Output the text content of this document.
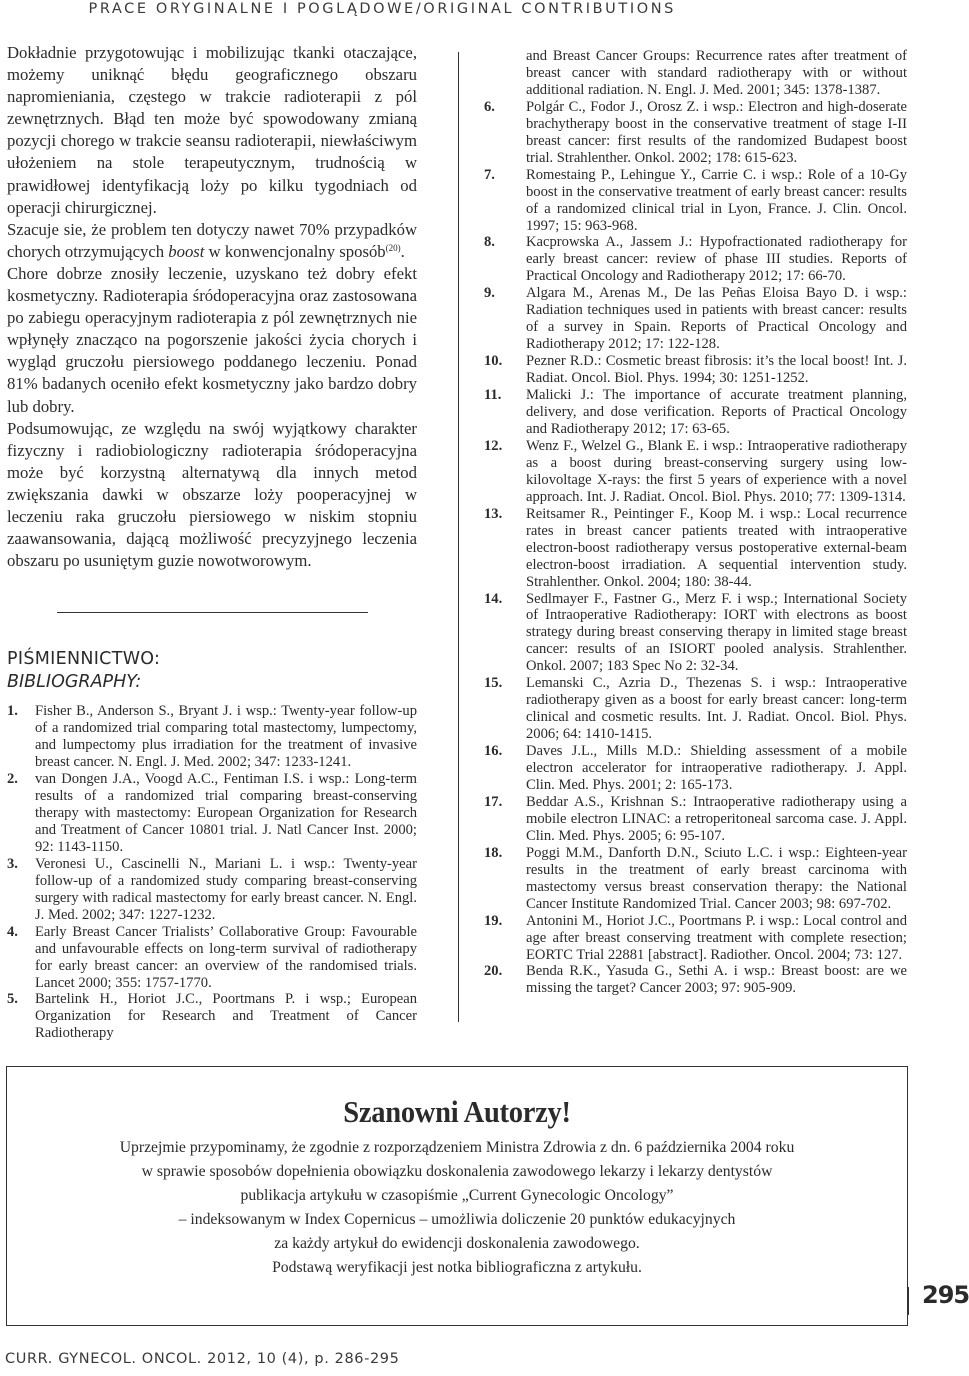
PRACE ORYGINALNE I POGLĄDOWE/ORIGINAL CONTRIBUTIONS

Dokładnie przygotowując i mobilizując tkanki otaczające, możemy uniknąć błędu geograficznego obszaru napromieniania, częstego w trakcie radioterapii z pól zewnętrznych. Błąd ten może być spowodowany zmianą pozycji chorego w trakcie seansu radioterapii, niewłaściwym ułożeniem na stole terapeutycznym, trudnością w prawidłowej identyfikacją loży po kilku tygodniach od operacji chirurgicznej.

Szacuje sie, że problem ten dotyczy nawet 70% przypadków chorych otrzymujących boost w konwencjonalny sposób$^{(20)}$.

Chore dobrze znosiły leczenie, uzyskano też dobry efekt kosmetyczny. Radioterapia śródoperacyjna oraz zastosowana po zabiegu operacyjnym radioterapia z pól zewnętrznych nie wpłynęły znacząco na pogorszenie jakości życia chorych i wygląd gruczołu piersiowego poddanego leczeniu. Ponad 81% badanych oceniło efekt kosmetyczny jako bardzo dobry lub dobry.

Podsumowując, ze względu na swój wyjątkowy charakter fizyczny i radiobiologiczny radioterapia śródoperacyjna może być korzystną alternatywą dla innych metod zwiększania dawki w obszarze loży pooperacyjnej w leczeniu raka gruczołu piersiowego w niskim stopniu zaawansowania, dającą możliwość precyzyjnego leczenia obszaru po usuniętym guzie nowotworowym.

PIŚMIENNICTWO:
BIBLIOGRAPHY:
1. Fisher B., Anderson S., Bryant J. i wsp.: Twenty-year follow-up of a randomized trial comparing total mastectomy, lumpectomy, and lumpectomy plus irradiation for the treatment of invasive breast cancer. N. Engl. J. Med. 2002; 347: 1233-1241.
2. van Dongen J.A., Voogd A.C., Fentiman I.S. i wsp.: Long-term results of a randomized trial comparing breast-conserving therapy with mastectomy: European Organization for Research and Treatment of Cancer 10801 trial. J. Natl Cancer Inst. 2000; 92: 1143-1150.
3. Veronesi U., Cascinelli N., Mariani L. i wsp.: Twenty-year follow-up of a randomized study comparing breast-conserving surgery with radical mastectomy for early breast cancer. N. Engl. J. Med. 2002; 347: 1227-1232.
4. Early Breast Cancer Trialists’ Collaborative Group: Favourable and unfavourable effects on long-term survival of radiotherapy for early breast cancer: an overview of the randomised trials. Lancet 2000; 355: 1757-1770.
5. Bartelink H., Horiot J.C., Poortmans P. i wsp.; European Organization for Research and Treatment of Cancer Radiotherapy
and Breast Cancer Groups: Recurrence rates after treatment of breast cancer with standard radiotherapy with or without additional radiation. N. Engl. J. Med. 2001; 345: 1378-1387.
6. Polgár C., Fodor J., Orosz Z. i wsp.: Electron and high-doserate brachytherapy boost in the conservative treatment of stage I-II breast cancer: first results of the randomized Budapest boost trial. Strahlenther. Onkol. 2002; 178: 615-623.
7. Romestaing P., Lehingue Y., Carrie C. i wsp.: Role of a 10-Gy boost in the conservative treatment of early breast cancer: results of a randomized clinical trial in Lyon, France. J. Clin. Oncol. 1997; 15: 963-968.
8. Kacprowska A., Jassem J.: Hypofractionated radiotherapy for early breast cancer: review of phase III studies. Reports of Practical Oncology and Radiotherapy 2012; 17: 66-70.
9. Algara M., Arenas M., De las Peñas Eloisa Bayo D. i wsp.: Radiation techniques used in patients with breast cancer: results of a survey in Spain. Reports of Practical Oncology and Radiotherapy 2012; 17: 122-128.
10. Pezner R.D.: Cosmetic breast fibrosis: it’s the local boost! Int. J. Radiat. Oncol. Biol. Phys. 1994; 30: 1251-1252.
11. Malicki J.: The importance of accurate treatment planning, delivery, and dose verification. Reports of Practical Oncology and Radiotherapy 2012; 17: 63-65.
12. Wenz F., Welzel G., Blank E. i wsp.: Intraoperative radiotherapy as a boost during breast-conserving surgery using low-kilovoltage X-rays: the first 5 years of experience with a novel approach. Int. J. Radiat. Oncol. Biol. Phys. 2010; 77: 1309-1314.
13. Reitsamer R., Peintinger F., Koop M. i wsp.: Local recurrence rates in breast cancer patients treated with intraoperative electron-boost radiotherapy versus postoperative external-beam electron-boost irradiation. A sequential intervention study. Strahlenther. Onkol. 2004; 180: 38-44.
14. Sedlmayer F., Fastner G., Merz F. i wsp.; International Society of Intraoperative Radiotherapy: IORT with electrons as boost strategy during breast conserving therapy in limited stage breast cancer: results of an ISIORT pooled analysis. Strahlenther. Onkol. 2007; 183 Spec No 2: 32-34.
15. Lemanski C., Azria D., Thezenas S. i wsp.: Intraoperative radiotherapy given as a boost for early breast cancer: long-term clinical and cosmetic results. Int. J. Radiat. Oncol. Biol. Phys. 2006; 64: 1410-1415.
16. Daves J.L., Mills M.D.: Shielding assessment of a mobile electron accelerator for intraoperative radiotherapy. J. Appl. Clin. Med. Phys. 2001; 2: 165-173.
17. Beddar A.S., Krishnan S.: Intraoperative radiotherapy using a mobile electron LINAC: a retroperitoneal sarcoma case. J. Appl. Clin. Med. Phys. 2005; 6: 95-107.
18. Poggi M.M., Danforth D.N., Sciuto L.C. i wsp.: Eighteen-year results in the treatment of early breast carcinoma with mastectomy versus breast conservation therapy: the National Cancer Institute Randomized Trial. Cancer 2003; 98: 697-702.
19. Antonini M., Horiot J.C., Poortmans P. i wsp.: Local control and age after breast conserving treatment with complete resection; EORTC Trial 22881 [abstract]. Radiother. Oncol. 2004; 73: 127.
20. Benda R.K., Yasuda G., Sethi A. i wsp.: Breast boost: are we missing the target? Cancer 2003; 97: 905-909.
Szanowni Autorzy!
Uprzejmie przypominamy, że zgodnie z rozporządzeniem Ministra Zdrowia z dn. 6 października 2004 roku
w sprawie sposobów dopełnienia obowiązku doskonalenia zawodowego lekarzy i lekarzy dentystów
publikacja artykułu w czasopiśmie „Current Gynecologic Oncology”
– indeksowanym w Index Copernicus – umożliwia doliczenie 20 punktów edukacyjnych
za każdy artykuł do ewidencji doskonalenia zawodowego.
Podstawą weryfikacji jest notka bibliograficzna z artykułu.
295
CURR. GYNECOL. ONCOL. 2012, 10 (4), p. 286-295
